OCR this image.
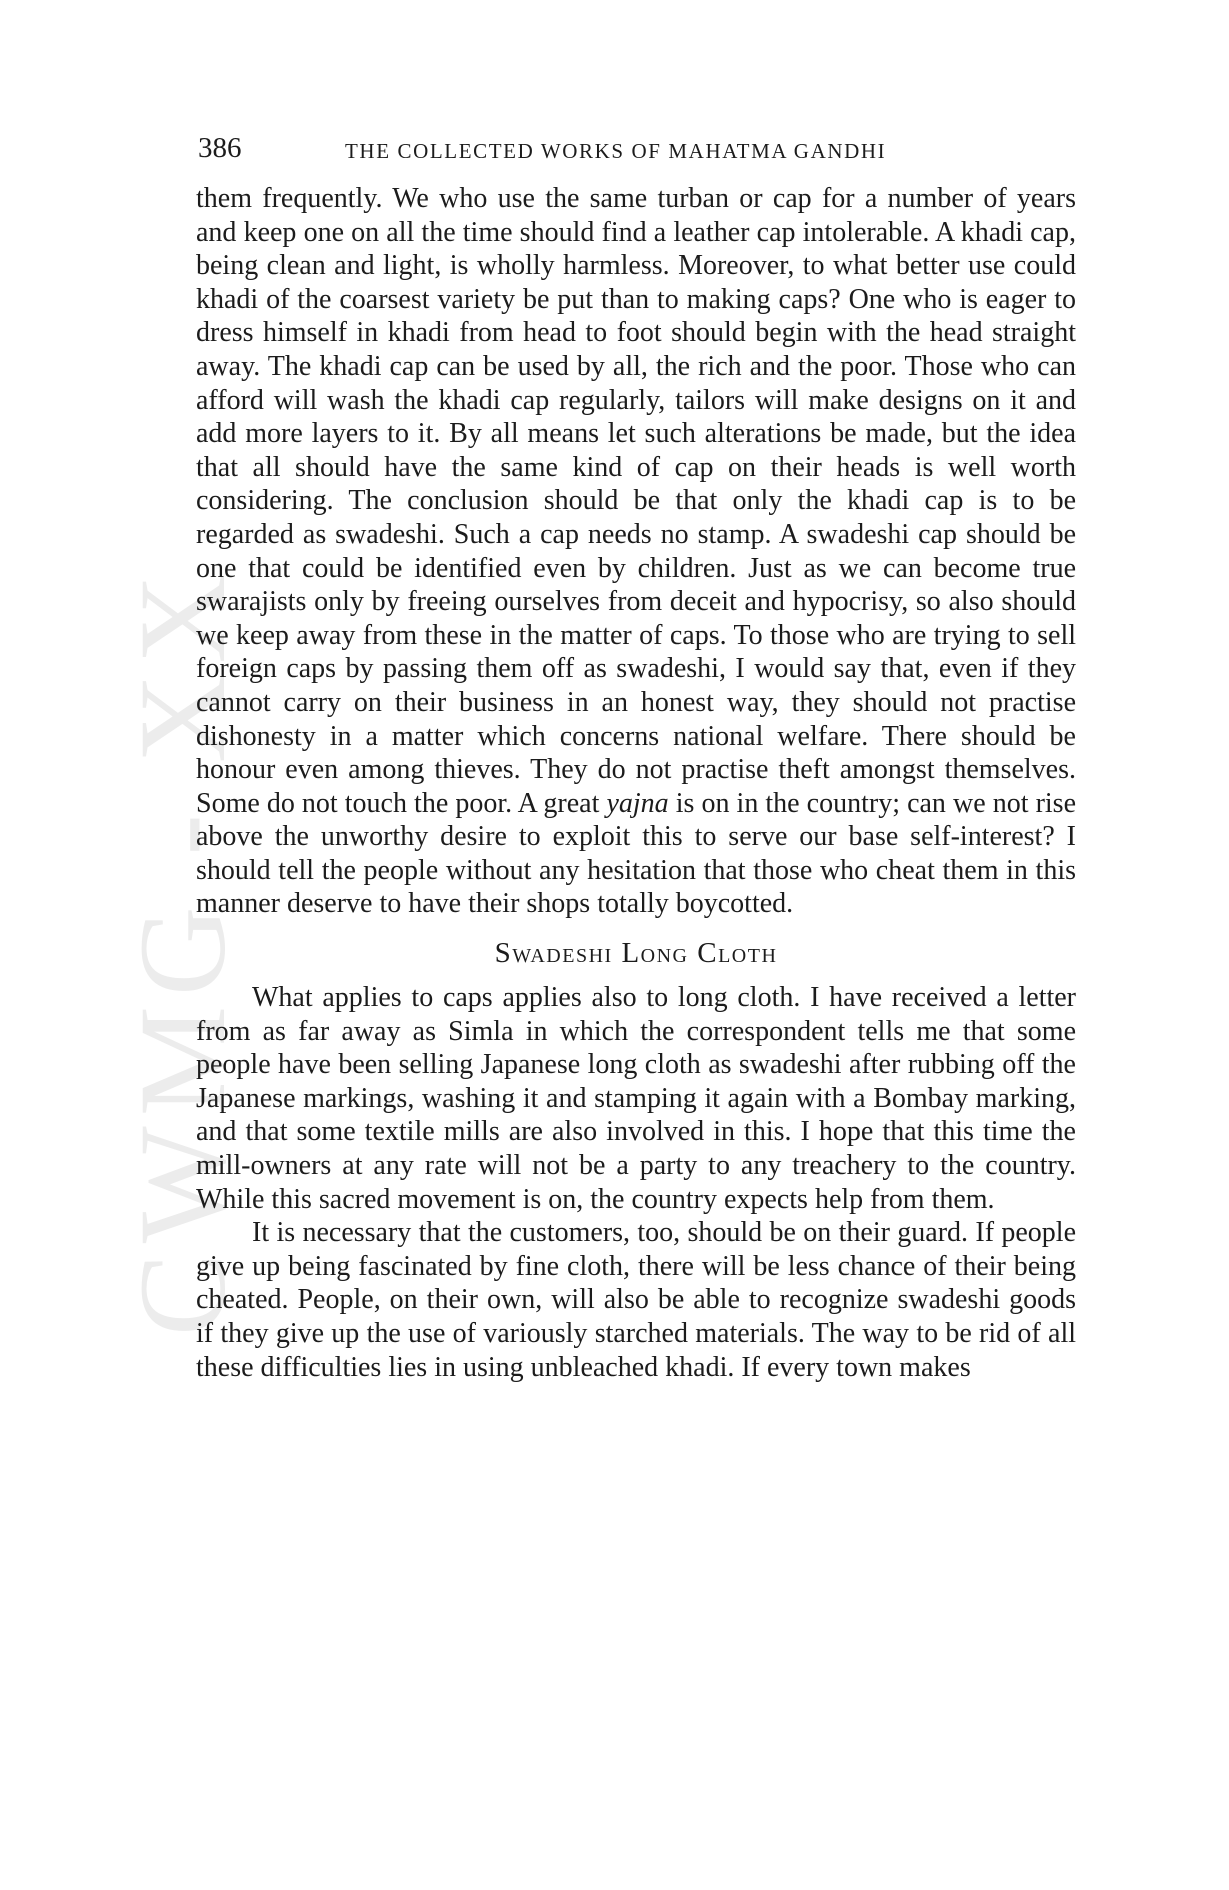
CWMG - XX
386	THE COLLECTED WORKS OF MAHATMA GANDHI

them frequently. We who use the same turban or cap for a number of years and keep one on all the time should find a leather cap intolerable. A khadi cap, being clean and light, is wholly harmless. Moreover, to what better use could khadi of the coarsest variety be put than to making caps? One who is eager to dress himself in khadi from head to foot should begin with the head straight away. The khadi cap can be used by all, the rich and the poor. Those who can afford will wash the khadi cap regularly, tailors will make designs on it and add more layers to it. By all means let such alterations be made, but the idea that all should have the same kind of cap on their heads is well worth considering. The conclusion should be that only the khadi cap is to be regarded as swadeshi. Such a cap needs no stamp. A swadeshi cap should be one that could be identified even by children. Just as we can become true swarajists only by freeing ourselves from deceit and hypocrisy, so also should we keep away from these in the matter of caps. To those who are trying to sell foreign caps by passing them off as swadeshi, I would say that, even if they cannot carry on their business in an honest way, they should not practise dishonesty in a matter which concerns national welfare. There should be honour even among thieves. They do not practise theft amongst themselves. Some do not touch the poor. A great yajna is on in the country; can we not rise above the unworthy desire to exploit this to serve our base self-interest? I should tell the people without any hesitation that those who cheat them in this manner deserve to have their shops totally boycotted.

Swadeshi Long Cloth

What applies to caps applies also to long cloth. I have received a letter from as far away as Simla in which the correspondent tells me that some people have been selling Japanese long cloth as swadeshi after rubbing off the Japanese markings, washing it and stamping it again with a Bombay marking, and that some textile mills are also involved in this. I hope that this time the mill-owners at any rate will not be a party to any treachery to the country. While this sacred movement is on, the country expects help from them.

It is necessary that the customers, too, should be on their guard. If people give up being fascinated by fine cloth, there will be less chance of their being cheated. People, on their own, will also be able to recognize swadeshi goods if they give up the use of variously starched materials. The way to be rid of all these difficulties lies in using unbleached khadi. If every town makes
